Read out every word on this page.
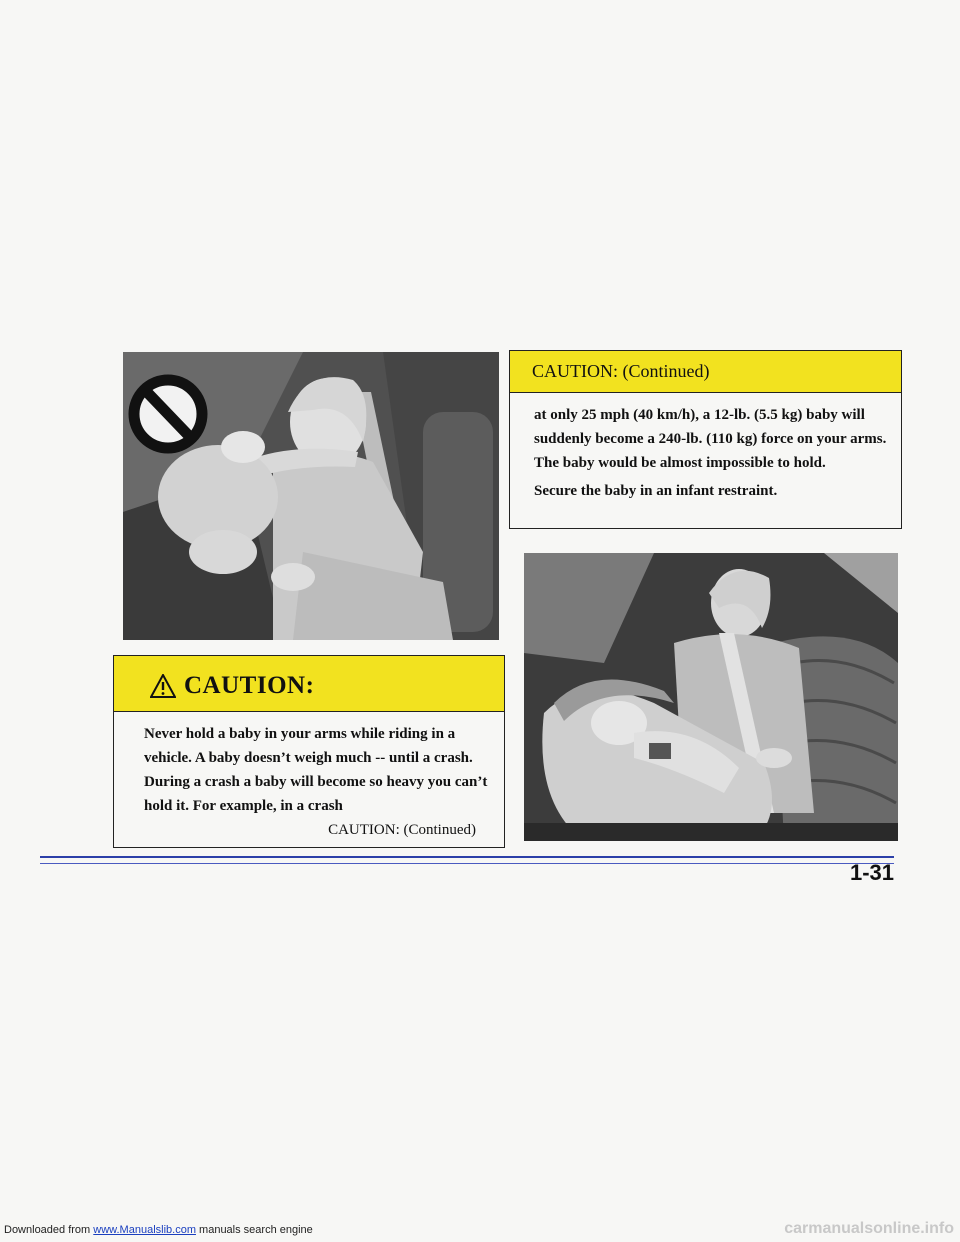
CAUTION:
Never hold a baby in your arms while riding in a vehicle. A baby doesn’t weigh much -- until a crash. During a crash a baby will become so heavy you can’t hold it. For example, in a crash
CAUTION: (Continued)
CAUTION: (Continued)

at only 25 mph (40 km/h), a 12-lb. (5.5 kg) baby will suddenly become a 240-lb. (110 kg) force on your arms. The baby would be almost impossible to hold.

Secure the baby in an infant restraint.

1-31
Downloaded from www.Manualslib.com manuals search engine	carmanualsonline.info
